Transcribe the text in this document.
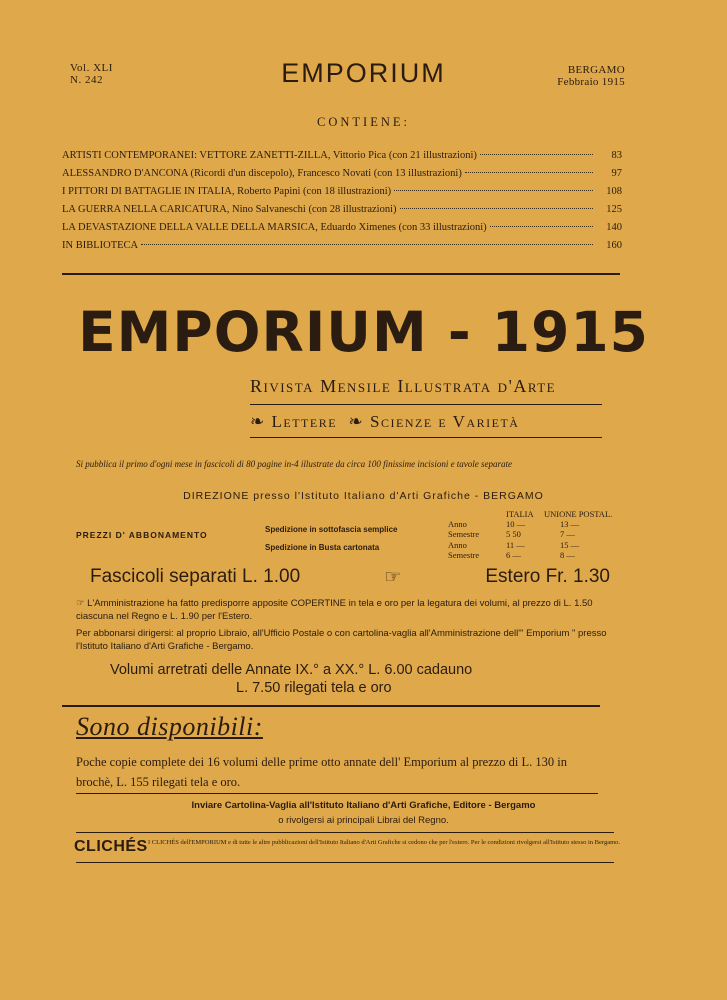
Vol. XLI
N. 242	EMPORIUM	BERGAMO
Febbraio 1915
CONTIENE:
ARTISTI CONTEMPORANEI: VETTORE ZANETTI-ZILLA, Vittorio Pica (con 21 illustrazioni)	83
ALESSANDRO D'ANCONA (Ricordi d'un discepolo), Francesco Novati (con 13 illustrazioni)	97
I PITTORI DI BATTAGLIE IN ITALIA, Roberto Papini (con 18 illustrazioni)	108
LA GUERRA NELLA CARICATURA, Nino Salvaneschi (con 28 illustrazioni)	125
LA DEVASTAZIONE DELLA VALLE DELLA MARSICA, Eduardo Ximenes (con 33 illustrazioni)	140
IN BIBLIOTECA	160
EMPORIUM - 1915
Rivista Mensile Illustrata d'Arte
❧ Lettere ❧ Scienze e Varietà
Si pubblica il primo d'ogni mese in fascicoli di 80 pagine in-4 illustrate da circa 100 finissime incisioni e tavole separate
DIREZIONE presso l'Istituto Italiano d'Arti Grafiche - BERGAMO
PREZZI D' ABBONAMENTO
ITALIA UNIONE POSTAL.
Spedizione in sottofascia semplice
Anno	10 —	13 —
Semestre	5 50	7 —
Spedizione in Busta cartonata	Anno	11 —	15 —
Semestre	6 —	8 —
Fascicoli separati L. 1.00	☞	Estero Fr. 1.30
☞ L'Amministrazione ha fatto predisporre apposite COPERTINE in tela e oro per la legatura dei volumi, al prezzo di L. 1.50 ciascuna nel Regno e L. 1.90 per l'Estero.
Per abbonarsi dirigersi: al proprio Libraio, all'Ufficio Postale o con cartolina-vaglia all'Amministrazione dell'" Emporium " presso l'Istituto Italiano d'Arti Grafiche - Bergamo.
Volumi arretrati delle Annate IX.° a XX.° L. 6.00 cadauno
L. 7.50 rilegati tela e oro
Sono disponibili:
Poche copie complete dei 16 volumi delle prime otto annate dell' Emporium al prezzo di L. 130 in brochè, L. 155 rilegati tela e oro.
Inviare Cartolina-Vaglia all'Istituto Italiano d'Arti Grafiche, Editore - Bergamo
o rivolgersi ai principali Librai del Regno.
CLICHÉS I CLICHÉS dell'EMPORIUM e di tutte le altre pubblicazioni dell'Istituto Italiano d'Arti Grafiche si cedono che per l'estero. Per le condizioni rivolgersi all'Istituto stesso in Bergamo.
